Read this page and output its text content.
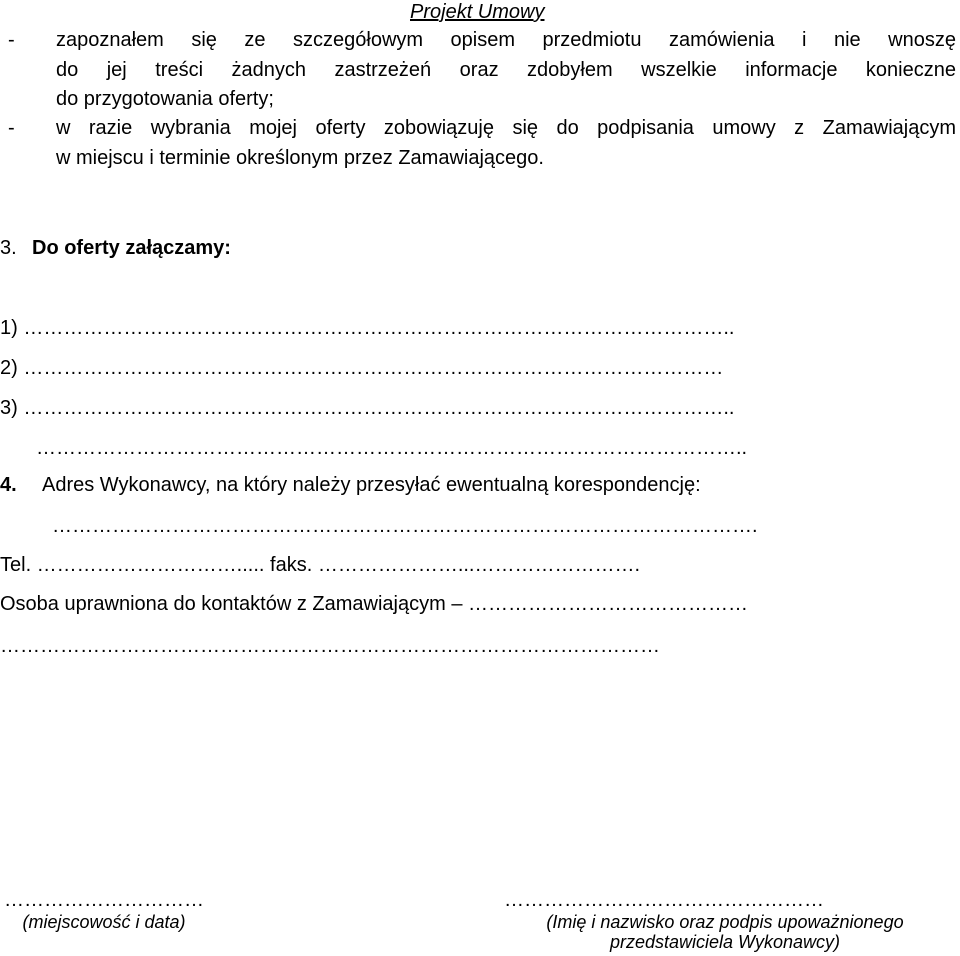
Projekt Umowy
- zapoznałem się ze szczegółowym opisem przedmiotu zamówienia i nie wnoszę
do jej treści żadnych zastrzeżeń oraz zdobyłem wszelkie informacje konieczne
do przygotowania oferty;
- w razie wybrania mojej oferty zobowiązuję się do podpisania umowy z Zamawiającym
w miejscu i terminie określonym przez Zamawiającego.
3. Do oferty załączamy:
1) ……………………………………………………………………………………………..
2) ……………………………………………………………………………………………
3) ……………………………………………………………………………………………..
……………………………………………………………………………………………..
4. Adres Wykonawcy, na który należy przesyłać ewentualną korespondencję:
…………………………………………………………………………………………….
Tel. …………………………..... faks. …………………...…………………….
Osoba uprawniona do kontaktów z Zamawiającym – ……………………………………
………………………………………………………………………………………
…………………………
(miejscowość i data)
…………………………………………
(Imię i nazwisko oraz podpis upoważnionego
przedstawiciela Wykonawcy)
